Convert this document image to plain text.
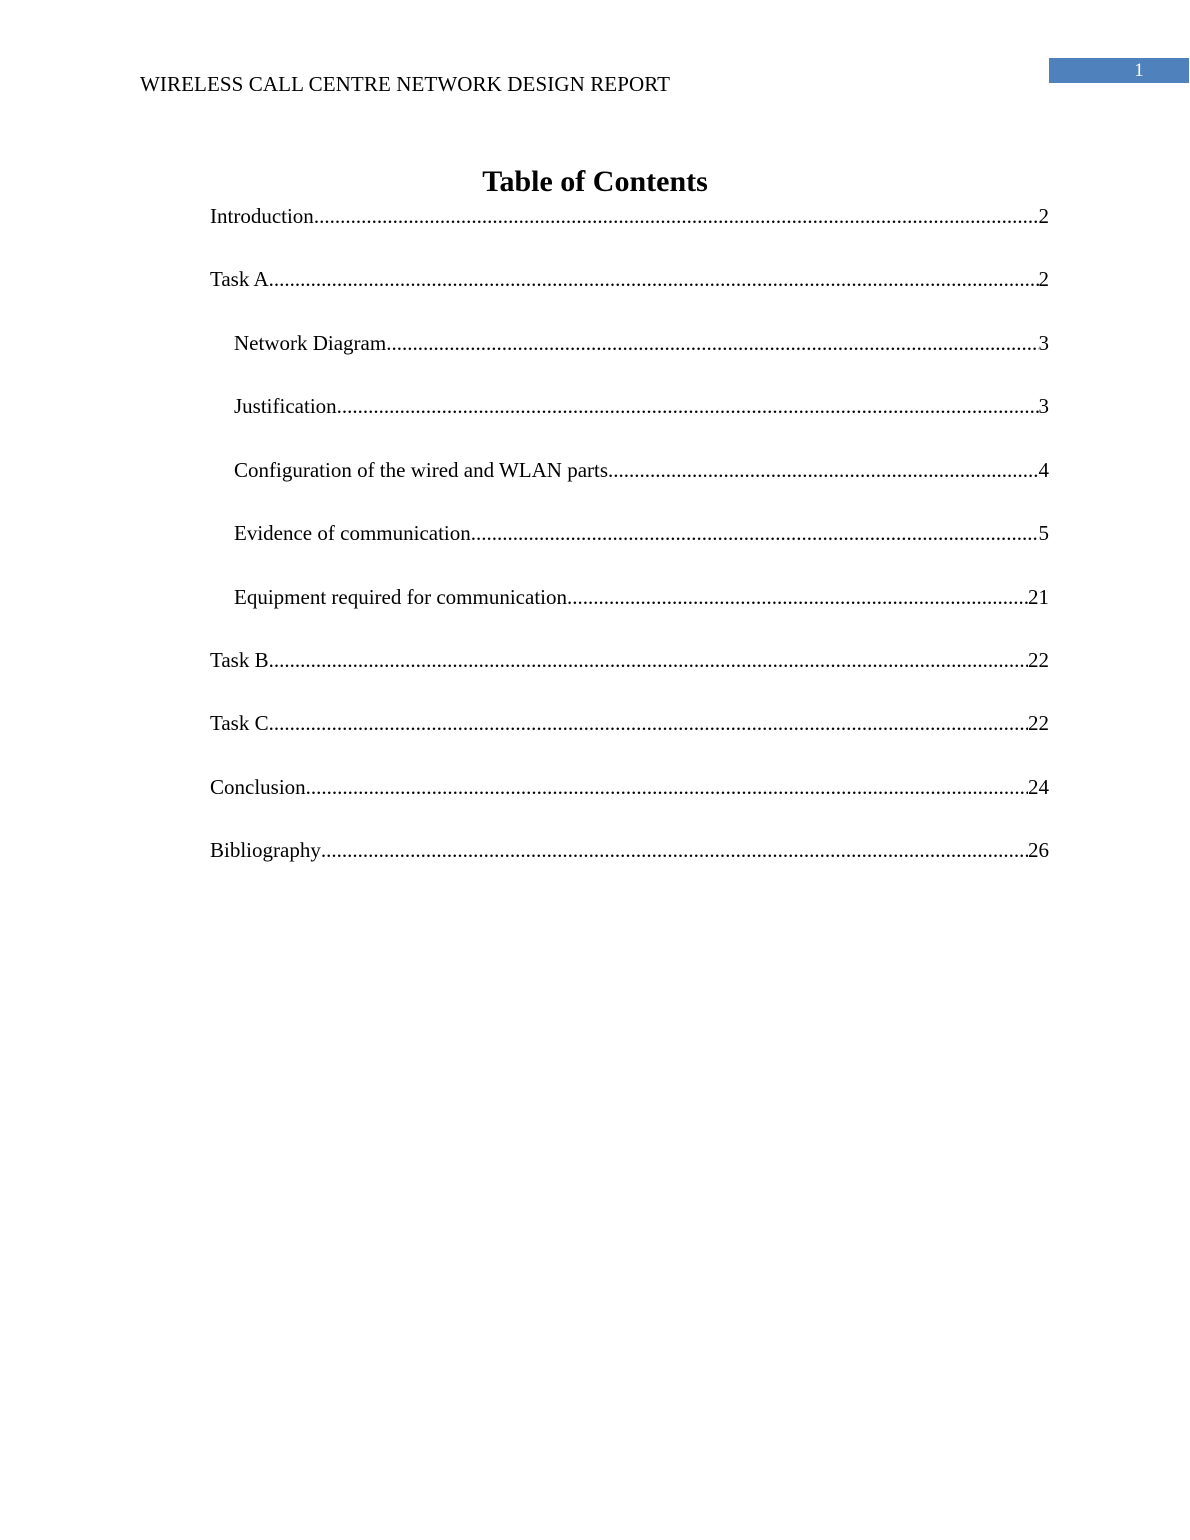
WIRELESS CALL CENTRE NETWORK DESIGN REPORT
1
Table of Contents
Introduction .....	2
Task A .....	2
Network Diagram .....	3
Justification .....	3
Configuration of the wired and WLAN parts .....	4
Evidence of communication .....	5
Equipment required for communication .....	21
Task B .....	22
Task C .....	22
Conclusion .....	24
Bibliography .....	26
